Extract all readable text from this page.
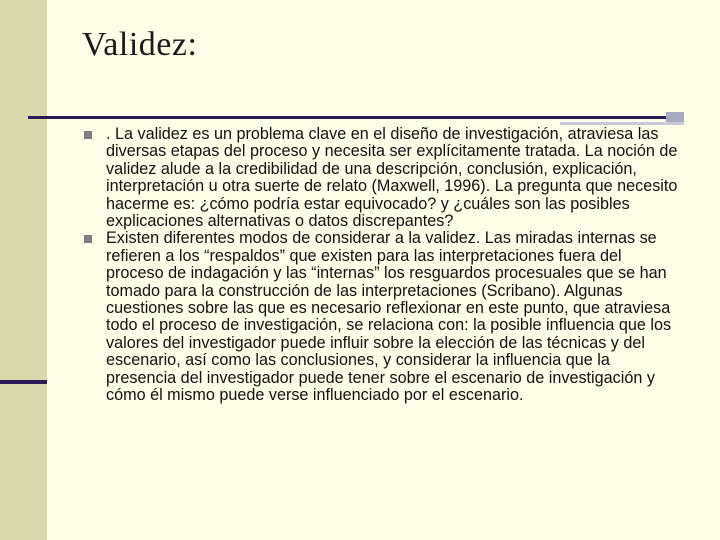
Validez:

. La validez es un problema clave en el diseño de investigación, atraviesa las diversas etapas del proceso y necesita ser explícitamente tratada. La noción de validez alude a la credibilidad de una descripción, conclusión, explicación, interpretación u otra suerte de relato (Maxwell, 1996). La pregunta que necesito hacerme es: ¿cómo podría estar equivocado? y ¿cuáles son las posibles explicaciones alternativas o datos discrepantes?

Existen diferentes modos de considerar a la validez. Las miradas internas se refieren a los “respaldos” que existen para las interpretaciones fuera del proceso de indagación y las “internas” los resguardos procesuales que se han tomado para la construcción de las interpretaciones (Scribano). Algunas cuestiones sobre las que es necesario reflexionar en este punto, que atraviesa todo el proceso de investigación, se relaciona con: la posible influencia que los valores del investigador puede influir sobre la elección de las técnicas y del escenario, así como las conclusiones, y considerar la influencia que la presencia del investigador puede tener sobre el escenario de investigación y cómo él mismo puede verse influenciado por el escenario.
